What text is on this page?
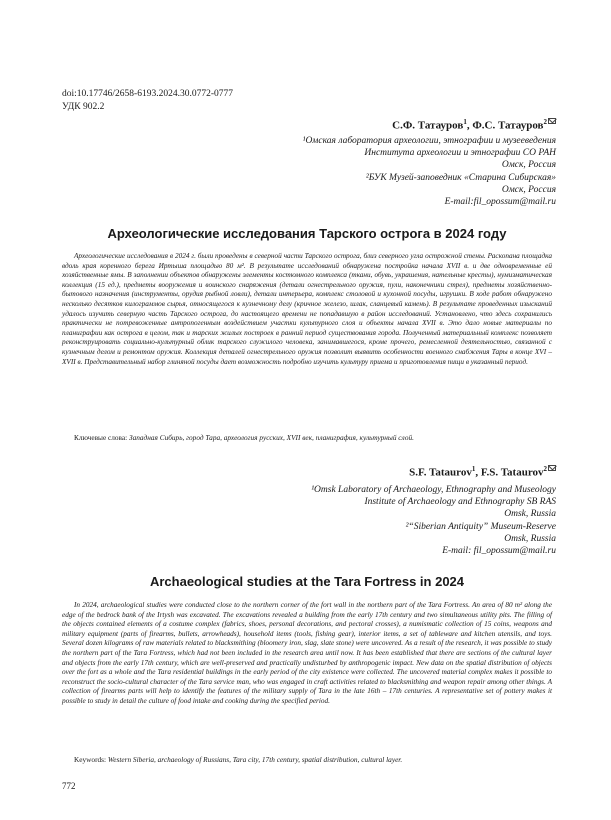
doi:10.17746/2658-6193.2024.30.0772-0777
УДК 902.2
С.Ф. Татауров$^1$, Ф.С. Татауров$^2$
¹Омская лаборатория археологии, этнографии и музееведения
Института археологии и этнографии СО РАН
Омск, Россия
²БУК Музей-заповедник «Старина Сибирская»
Омск, Россия
E-mail:fil_opossum@mail.ru
Археологические исследования Тарского острога в 2024 году
Археологические исследования в 2024 г. были проведены в северной части Тарского острога, близ северного угла острожной стены. Раскопана площадка вдоль края коренного берега Иртыша площадью 80 м². В результате исследований обнаружена постройка начала XVII в. и две одновременные ей хозяйственные ямы. В заполнении объектов обнаружены элементы костюмного комплекса (ткани, обувь, украшения, нательные кресты), нумизматическая коллекция (15 ед.), предметы вооружения и воинского снаряжения (детали огнестрельного оружия, пули, наконечники стрел), предметы хозяйственно-бытового назначения (инструменты, орудия рыбной ловли), детали интерьера, комплекс столовой и кухонной посуды, игрушки. В ходе работ обнаружено несколько десятков килограммов сырья, относящегося к кузнечному делу (кричное железо, шлак, сланцевый камень). В результате проведенных изысканий удалось изучить северную часть Тарского острога, до настоящего времени не попадавшую в район исследований. Установлено, что здесь сохранились практически не потревоженные антропогенным воздействием участки культурного слоя и объекты начала XVII в. Это дало новые материалы по планиграфии как острога в целом, так и тарских жилых построек в ранний период существования города. Полученный материальный комплекс позволяет реконструировать социально-культурный облик тарского служилого человека, занимавшегося, кроме прочего, ремесленной деятельностью, связанной с кузнечным делом и ремонтом оружия. Коллекция деталей огнестрельного оружия позволит выявить особенности военного снабжения Тары в конце XVI – XVII в. Представительный набор глиняной посуды дает возможность подробно изучить культуру приема и приготовления пищи в указанный период.
Ключевые слова: Западная Сибирь, город Тара, археология русских, XVII век, планиграфия, культурный слой.
S.F. Tataurov$^1$, F.S. Tataurov$^2$
¹Omsk Laboratory of Archaeology, Ethnography and Museology
Institute of Archaeology and Ethnography SB RAS
Omsk, Russia
²“Siberian Antiquity” Museum-Reserve
Omsk, Russia
E-mail: fil_opossum@mail.ru
Archaeological studies at the Tara Fortress in 2024
In 2024, archaeological studies were conducted close to the northern corner of the fort wall in the northern part of the Tara Fortress. An area of 80 m² along the edge of the bedrock bank of the Irtysh was excavated. The excavations revealed a building from the early 17th century and two simultaneous utility pits. The filling of the objects contained elements of a costume complex (fabrics, shoes, personal decorations, and pectoral crosses), a numismatic collection of 15 coins, weapons and military equipment (parts of firearms, bullets, arrowheads), household items (tools, fishing gear), interior items, a set of tableware and kitchen utensils, and toys. Several dozen kilograms of raw materials related to blacksmithing (bloomery iron, slag, slate stone) were uncovered. As a result of the research, it was possible to study the northern part of the Tara Fortress, which had not been included in the research area until now. It has been established that there are sections of the cultural layer and objects from the early 17th century, which are well-preserved and practically undisturbed by anthropogenic impact. New data on the spatial distribution of objects over the fort as a whole and the Tara residential buildings in the early period of the city existence were collected. The uncovered material complex makes it possible to reconstruct the socio-cultural character of the Tara service man, who was engaged in craft activities related to blacksmithing and weapon repair among other things. A collection of firearms parts will help to identify the features of the military supply of Tara in the late 16th – 17th centuries. A representative set of pottery makes it possible to study in detail the culture of food intake and cooking during the specified period.
Keywords: Western Siberia, archaeology of Russians, Tara city, 17th century, spatial distribution, cultural layer.
772
